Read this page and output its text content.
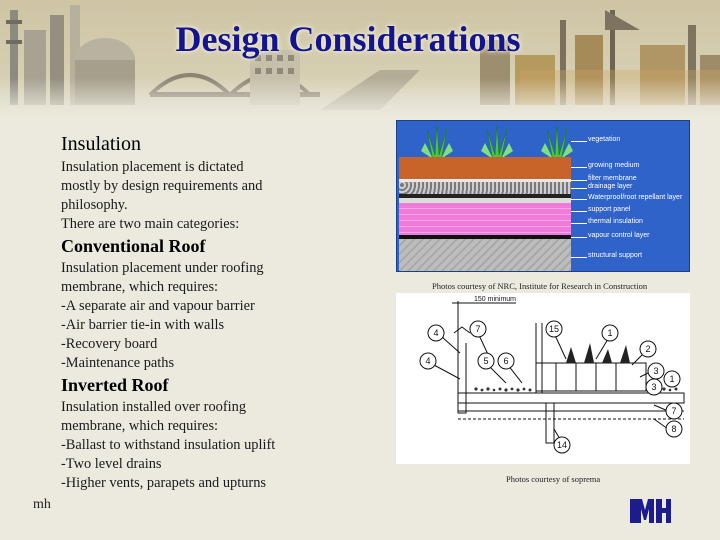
Design Considerations
Insulation
Insulation placement is dictated
mostly by design requirements and
philosophy.
There are two main categories:
Conventional Roof
Insulation placement under roofing
membrane, which requires:
-A separate air and vapour barrier
-Air barrier tie-in with walls
-Recovery board
-Maintenance paths
Inverted Roof
Insulation installed over roofing
membrane, which requires:
-Ballast to withstand insulation uplift
-Two level drains
-Higher vents, parapets and upturns
mh
vegetation
growing medium
filter membrane
drainage layer
Waterproof/root repellant layer
support panel
thermal insulation
vapour control layer
structural support
Photos courtesy of NRC, Institute for Research in Construction
4	7	15	1
2
3
4	5 6
3
1
7
8
14
150 minimum
Photos courtesy of soprema
MH
